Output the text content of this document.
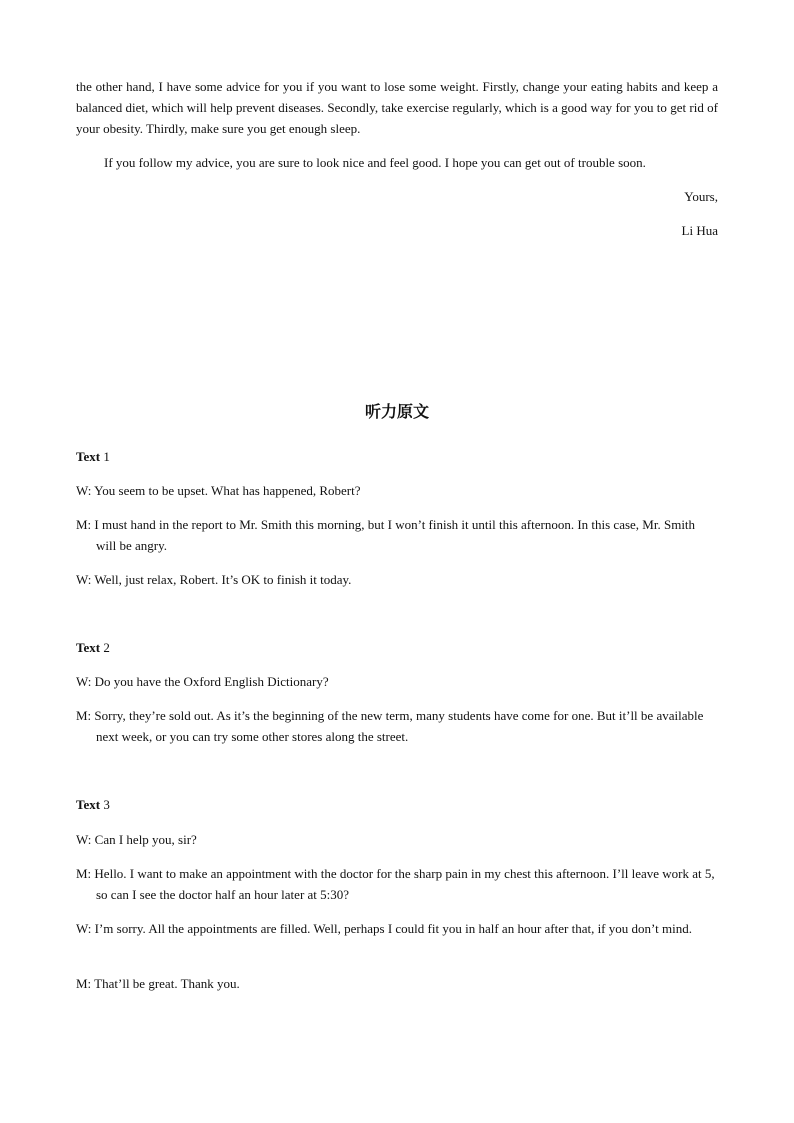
the other hand, I have some advice for you if you want to lose some weight. Firstly, change your eating habits and keep a balanced diet, which will help prevent diseases. Secondly, take exercise regularly, which is a good way for you to get rid of your obesity. Thirdly, make sure you get enough sleep.

If you follow my advice, you are sure to look nice and feel good. I hope you can get out of trouble soon.

Yours,

Li Hua

听力原文

Text 1

W: You seem to be upset. What has happened, Robert?

M: I must hand in the report to Mr. Smith this morning, but I won’t finish it until this afternoon. In this case, Mr. Smith will be angry.

W: Well, just relax, Robert. It’s OK to finish it today.

Text 2

W: Do you have the Oxford English Dictionary?

M: Sorry, they’re sold out. As it’s the beginning of the new term, many students have come for one. But it’ll be available next week, or you can try some other stores along the street.

Text 3

W: Can I help you, sir?

M: Hello. I want to make an appointment with the doctor for the sharp pain in my chest this afternoon. I’ll leave work at 5, so can I see the doctor half an hour later at 5:30?

W: I’m sorry. All the appointments are filled. Well, perhaps I could fit you in half an hour after that, if you don’t mind.

M: That’ll be great. Thank you.
